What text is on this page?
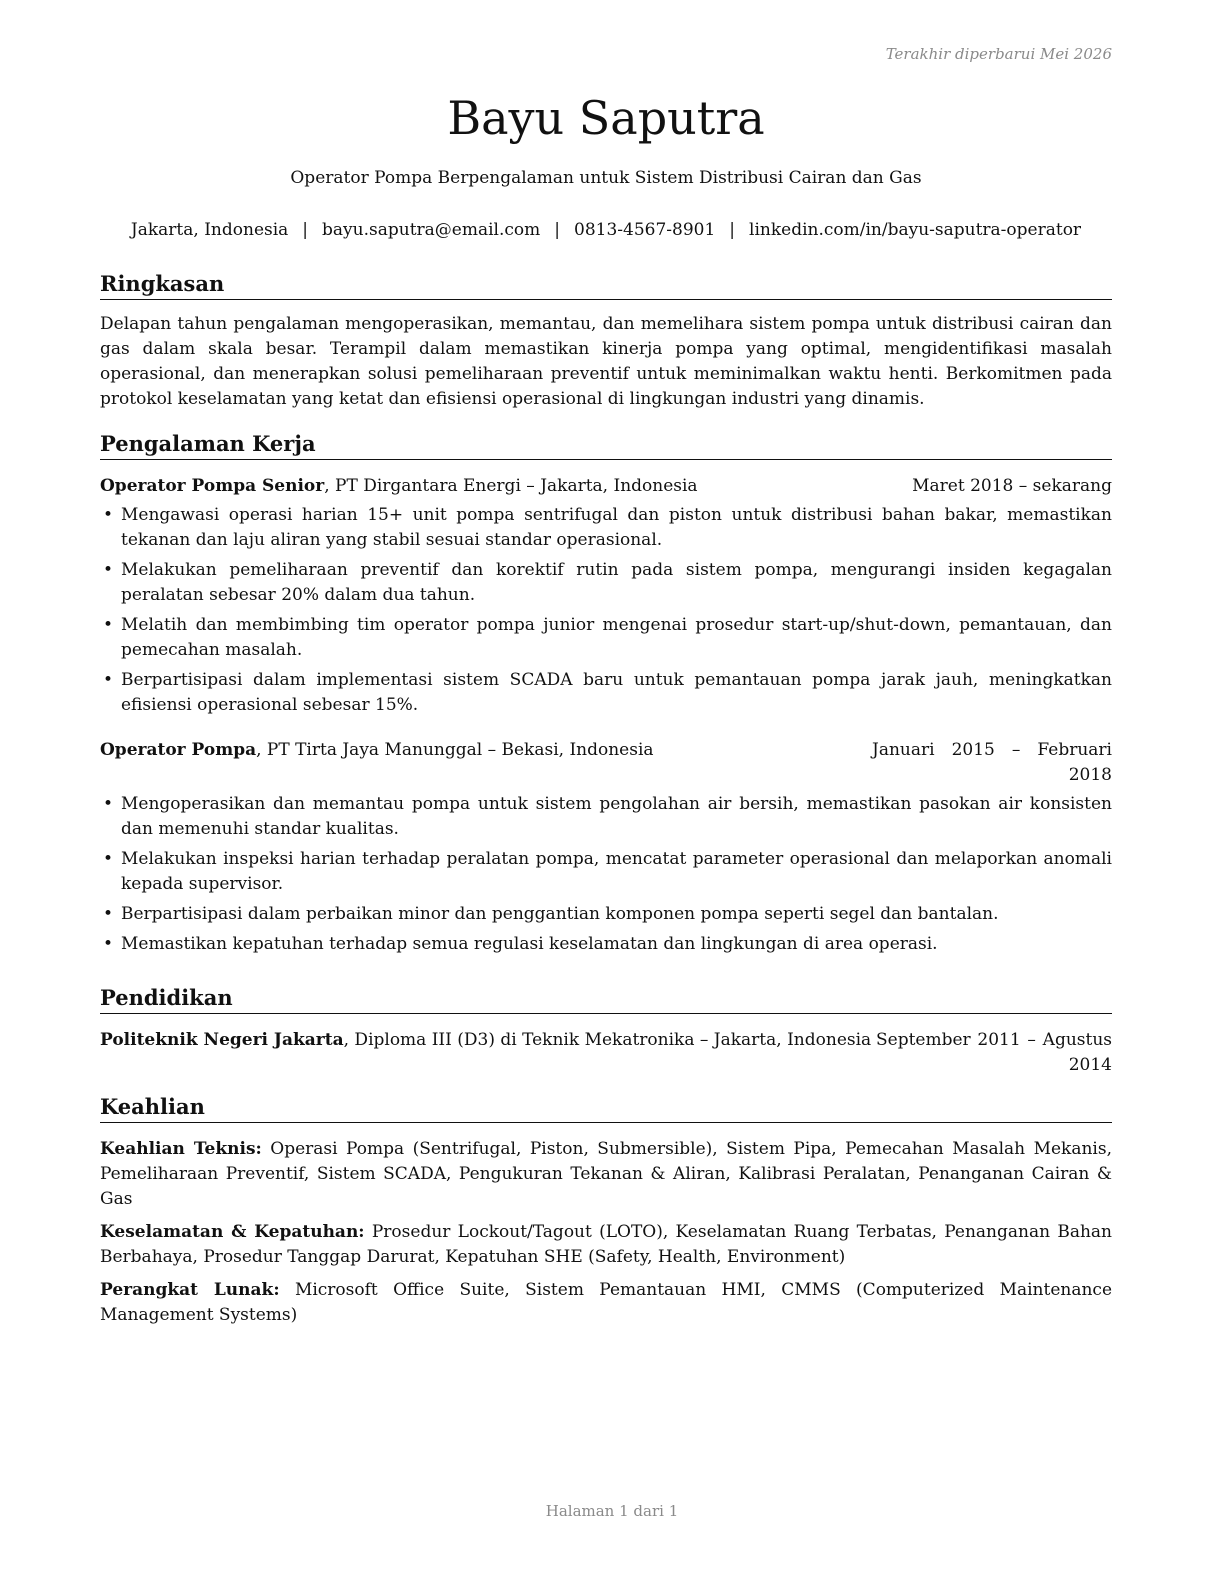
Terakhir diperbarui Mei 2026
Bayu Saputra
Operator Pompa Berpengalaman untuk Sistem Distribusi Cairan dan Gas
Jakarta, Indonesia | bayu.saputra@email.com | 0813-4567-8901 | linkedin.com/in/bayu-saputra-operator
Ringkasan

Delapan tahun pengalaman mengoperasikan, memantau, dan memelihara sistem pompa untuk distribusi cairan dan gas dalam skala besar. Terampil dalam memastikan kinerja pompa yang optimal, mengidentifikasi masalah operasional, dan menerapkan solusi pemeliharaan preventif untuk meminimalkan waktu henti. Berkomitmen pada protokol keselamatan yang ketat dan efisiensi operasional di lingkungan industri yang dinamis.

Pengalaman Kerja
Operator Pompa Senior, PT Dirgantara Energi – Jakarta, Indonesia	Maret 2018 – sekarang
• Mengawasi operasi harian 15+ unit pompa sentrifugal dan piston untuk distribusi bahan bakar, memastikan tekanan dan laju aliran yang stabil sesuai standar operasional.
• Melakukan pemeliharaan preventif dan korektif rutin pada sistem pompa, mengurangi insiden kegagalan peralatan sebesar 20% dalam dua tahun.
• Melatih dan membimbing tim operator pompa junior mengenai prosedur start-up/shut-down, pemantauan, dan pemecahan masalah.
• Berpartisipasi dalam implementasi sistem SCADA baru untuk pemantauan pompa jarak jauh, meningkatkan efisiensi operasional sebesar 15%.
Operator Pompa, PT Tirta Jaya Manunggal – Bekasi, Indonesia	Januari 2015 – Februari 2018
• Mengoperasikan dan memantau pompa untuk sistem pengolahan air bersih, memastikan pasokan air konsisten dan memenuhi standar kualitas.
• Melakukan inspeksi harian terhadap peralatan pompa, mencatat parameter operasional dan melaporkan anomali kepada supervisor.
• Berpartisipasi dalam perbaikan minor dan penggantian komponen pompa seperti segel dan bantalan.
• Memastikan kepatuhan terhadap semua regulasi keselamatan dan lingkungan di area operasi.
Pendidikan
Politeknik Negeri Jakarta, Diploma III (D3) di Teknik Mekatronika – Jakarta, Indonesia September 2011 – Agustus 2014
Keahlian

Keahlian Teknis: Operasi Pompa (Sentrifugal, Piston, Submersible), Sistem Pipa, Pemecahan Masalah Mekanis, Pemeliharaan Preventif, Sistem SCADA, Pengukuran Tekanan & Aliran, Kalibrasi Peralatan, Penanganan Cairan & Gas

Keselamatan & Kepatuhan: Prosedur Lockout/Tagout (LOTO), Keselamatan Ruang Terbatas, Penanganan Bahan Berbahaya, Prosedur Tanggap Darurat, Kepatuhan SHE (Safety, Health, Environment)

Perangkat Lunak: Microsoft Office Suite, Sistem Pemantauan HMI, CMMS (Computerized Maintenance Management Systems)

Halaman 1 dari 1
